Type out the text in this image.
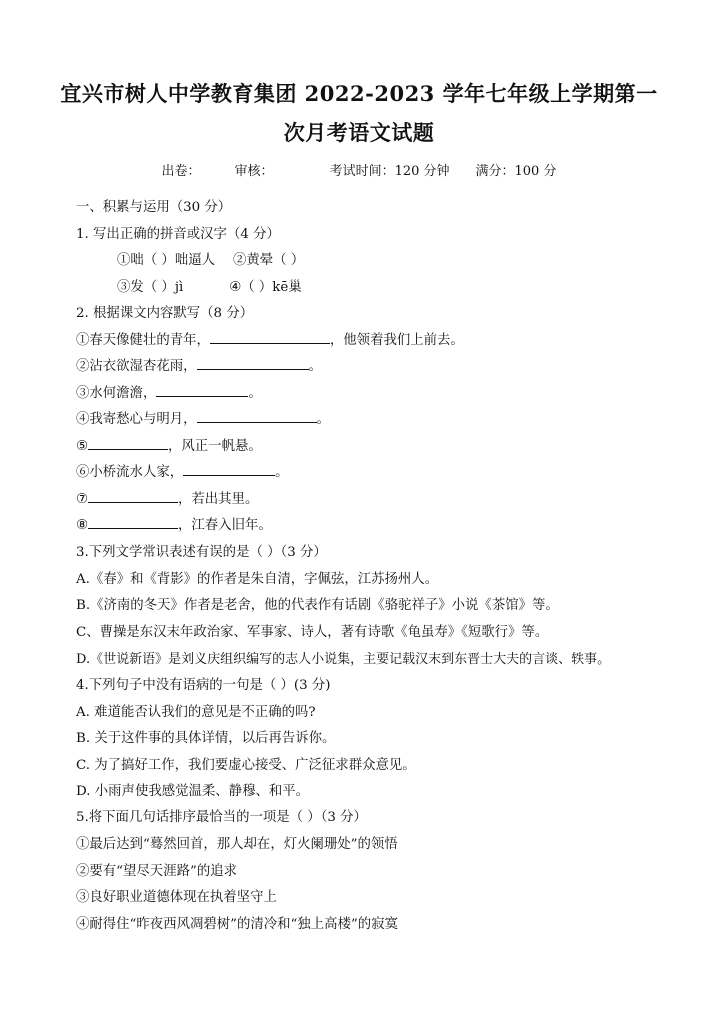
宜兴市树人中学教育集团 2022-2023 学年七年级上学期第一
次月考语文试题
出卷：	审核：	考试时间：120 分钟 满分：100 分
一、积累与运用（30 分）
1. 写出正确的拼音或汉字（4 分）
①咄（ ）咄逼人 ②黄晕（ ）
③发（ ）jì	④（ ）kē巢
2. 根据课文内容默写（8 分）
①春天像健壮的青年，	，他领着我们上前去。
②沾衣欲湿杏花雨，	。
③水何澹澹，	。
④我寄愁心与明月，	。
⑤	，风正一帆悬。
⑥小桥流水人家，	。
⑦	，若出其里。
⑧	，江春入旧年。
3.下列文学常识表述有误的是（ ）（3 分）
A.《春》和《背影》的作者是朱自清，字佩弦，江苏扬州人。
B.《济南的冬天》作者是老舍，他的代表作有话剧《骆驼祥子》小说《茶馆》等。
C、曹操是东汉末年政治家、军事家、诗人，著有诗歌《龟虽寿》《短歌行》等。
D.《世说新语》是刘义庆组织编写的志人小说集，主要记载汉末到东晋士大夫的言谈、轶事。
4.下列句子中没有语病的一句是（ ）(3 分)
A. 难道能否认我们的意见是不正确的吗?
B. 关于这件事的具体详情，以后再告诉你。
C. 为了搞好工作，我们要虚心接受、广泛征求群众意见。
D. 小雨声使我感觉温柔、静穆、和平。
5.将下面几句话排序最恰当的一项是（ ）（3 分）
①最后达到“蓦然回首，那人却在，灯火阑珊处”的领悟
②要有“望尽天涯路”的追求
③良好职业道德体现在执着坚守上
④耐得住“昨夜西风凋碧树”的清冷和“独上高楼”的寂寞
